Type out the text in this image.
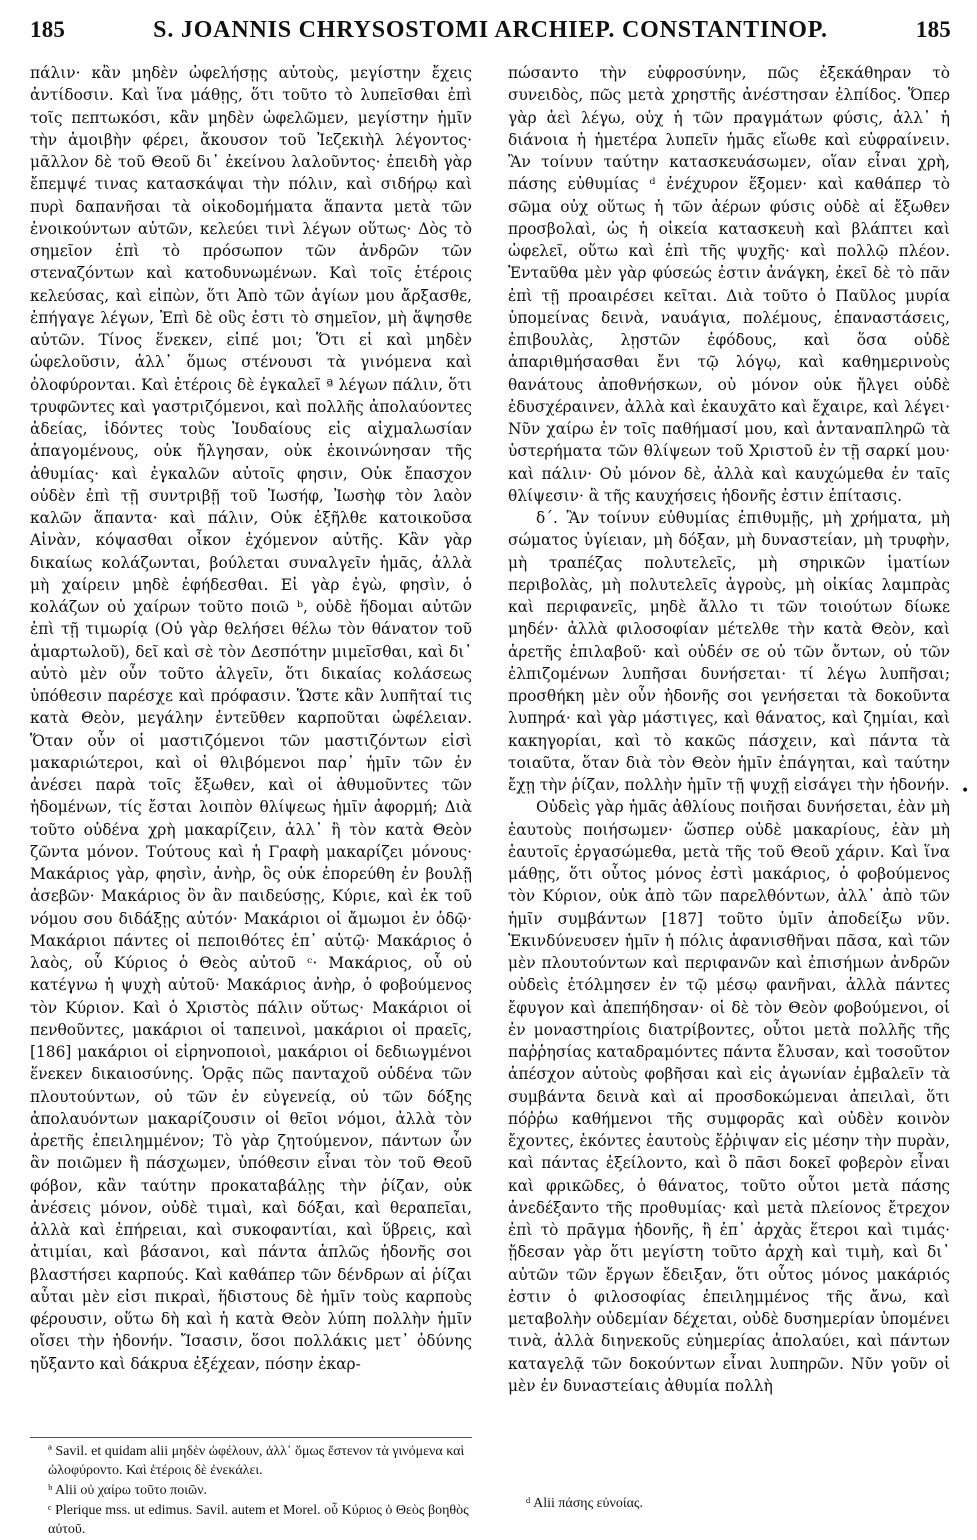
185	S. JOANNIS CHRYSOSTOMI ARCHIEP. CONSTANTINOP.	185

πάλιν· κἂν μηδὲν ὠφελήσῃς αὐτοὺς, μεγίστην ἔχεις ἀντίδοσιν. Καὶ ἵνα μάθῃς, ὅτι τοῦτο τὸ λυπεῖσθαι ἐπὶ τοῖς πεπτωκόσι, κἂν μηδὲν ὠφελῶμεν, μεγίστην ἡμῖν τὴν ἀμοιβὴν φέρει, ἄκουσον τοῦ Ἰεζεκιὴλ λέγοντος· μᾶλλον δὲ τοῦ Θεοῦ δι᾽ ἐκείνου λαλοῦντος· ἐπειδὴ γὰρ ἔπεμψέ τινας κατασκάψαι τὴν πόλιν, καὶ σιδήρῳ καὶ πυρὶ δαπανῆσαι τὰ οἰκοδομήματα ἅπαντα μετὰ τῶν ἐνοικούντων αὐτῶν, κελεύει τινὶ λέγων οὕτως· Δὸς τὸ σημεῖον ἐπὶ τὸ πρόσωπον τῶν ἀνδρῶν τῶν στεναζόντων καὶ κατοδυνωμένων. Καὶ τοῖς ἑτέροις κελεύσας, καὶ εἰπὼν, ὅτι Ἀπὸ τῶν ἁγίων μου ἄρξασθε, ἐπήγαγε λέγων, Ἐπὶ δὲ οὓς ἐστι τὸ σημεῖον, μὴ ἅψησθε αὐτῶν. Τίνος ἕνεκεν, εἰπέ μοι; Ὅτι εἰ καὶ μηδὲν ὠφελοῦσιν, ἀλλ᾽ ὅμως στένουσι τὰ γινόμενα καὶ ὀλοφύρονται. Καὶ ἑτέροις δὲ ἐγκαλεῖ ª λέγων πάλιν, ὅτι τρυφῶντες καὶ γαστριζόμενοι, καὶ πολλῆς ἀπολαύοντες ἀδείας, ἰδόντες τοὺς Ἰουδαίους εἰς αἰχμαλωσίαν ἀπαγομένους, οὐκ ἤλγησαν, οὐκ ἐκοινώνησαν τῆς ἀθυμίας· καὶ ἐγκαλῶν αὐτοῖς φησιν, Οὐκ ἔπασχον οὐδὲν ἐπὶ τῇ συντριβῇ τοῦ Ἰωσήφ, Ἰωσὴφ τὸν λαὸν καλῶν ἅπαντα· καὶ πάλιν, Οὐκ ἐξῆλθε κατοικοῦσα Αἰνὰν, κόψασθαι οἶκον ἐχόμενον αὐτῆς. Κἂν γὰρ δικαίως κολάζωνται, βούλεται συναλγεῖν ἡμᾶς, ἀλλὰ μὴ χαίρειν μηδὲ ἐφήδεσθαι. Εἰ γὰρ ἐγὼ, φησὶν, ὁ κολάζων οὐ χαίρων τοῦτο ποιῶ ᵇ, οὐδὲ ἥδομαι αὐτῶν ἐπὶ τῇ τιμωρίᾳ (Οὐ γὰρ θελήσει θέλω τὸν θάνατον τοῦ ἁμαρτωλοῦ), δεῖ καὶ σὲ τὸν Δεσπότην μιμεῖσθαι, καὶ δι᾽ αὐτὸ μὲν οὖν τοῦτο ἀλγεῖν, ὅτι δικαίας κολάσεως ὑπόθεσιν παρέσχε καὶ πρόφασιν. Ὥστε κἂν λυπῆταί τις κατὰ Θεὸν, μεγάλην ἐντεῦθεν καρποῦται ὠφέλειαν. Ὅταν οὖν οἱ μαστιζόμενοι τῶν μαστιζόντων εἰσὶ μακαριώτεροι, καὶ οἱ θλιβόμενοι παρ᾽ ἡμῖν τῶν ἐν ἀνέσει παρὰ τοῖς ἔξωθεν, καὶ οἱ ἀθυμοῦντες τῶν ἡδομένων, τίς ἔσται λοιπὸν θλίψεως ἡμῖν ἀφορμή; Διὰ τοῦτο οὐδένα χρὴ μακαρίζειν, ἀλλ᾽ ἢ τὸν κατὰ Θεὸν ζῶντα μόνον. Τούτους καὶ ἡ Γραφὴ μακαρίζει μόνους· Μακάριος γὰρ, φησὶν, ἀνὴρ, ὃς οὐκ ἐπορεύθη ἐν βουλῇ ἀσεβῶν· Μακάριος ὃν ἂν παιδεύσῃς, Κύριε, καὶ ἐκ τοῦ νόμου σου διδάξῃς αὐτόν· Μακάριοι οἱ ἄμωμοι ἐν ὁδῷ· Μακάριοι πάντες οἱ πεποιθότες ἐπ᾽ αὐτῷ· Μακάριος ὁ λαὸς, οὗ Κύριος ὁ Θεὸς αὐτοῦ ᶜ· Μακάριος, οὗ οὐ κατέγνω ἡ ψυχὴ αὐτοῦ· Μακάριος ἀνὴρ, ὁ φοβούμενος τὸν Κύριον. Καὶ ὁ Χριστὸς πάλιν οὕτως· Μακάριοι οἱ πενθοῦντες, μακάριοι οἱ ταπεινοὶ, μακάριοι οἱ πραεῖς, [186] μακάριοι οἱ εἰρηνοποιοὶ, μακάριοι οἱ δεδιωγμένοι ἕνεκεν δικαιοσύνης. Ὁρᾷς πῶς πανταχοῦ οὐδένα τῶν πλουτούντων, οὐ τῶν ἐν εὐγενείᾳ, οὐ τῶν δόξης ἀπολαυόντων μακαρίζουσιν οἱ θεῖοι νόμοι, ἀλλὰ τὸν ἀρετῆς ἐπειλημμένον; Τὸ γὰρ ζητούμενον, πάντων ὧν ἂν ποιῶμεν ἢ πάσχωμεν, ὑπόθεσιν εἶναι τὸν τοῦ Θεοῦ φόβον, κἂν ταύτην προκαταβάλῃς τὴν ῥίζαν, οὐκ ἀνέσεις μόνον, οὐδὲ τιμαὶ, καὶ δόξαι, καὶ θεραπεῖαι, ἀλλὰ καὶ ἐπήρειαι, καὶ συκοφαντίαι, καὶ ὕβρεις, καὶ ἀτιμίαι, καὶ βάσανοι, καὶ πάντα ἁπλῶς ἡδονῆς σοι βλαστήσει καρπούς. Καὶ καθάπερ τῶν δένδρων αἱ ῥίζαι αὗται μὲν εἰσι πικραὶ, ἥδιστους δὲ ἡμῖν τοὺς καρποὺς φέρουσιν, οὕτω δὴ καὶ ἡ κατὰ Θεὸν λύπη πολλὴν ἡμῖν οἴσει τὴν ἡδονήν. Ἴσασιν, ὅσοι πολλάκις μετ᾽ ὀδύνης ηὔξαντο καὶ δάκρυα ἐξέχεαν, πόσην ἐκαρ-

πώσαντο τὴν εὐφροσύνην, πῶς ἐξεκάθηραν τὸ συνειδὸς, πῶς μετὰ χρηστῆς ἀνέστησαν ἐλπίδος. Ὅπερ γὰρ ἀεὶ λέγω, οὐχ ἡ τῶν πραγμάτων φύσις, ἀλλ᾽ ἡ διάνοια ἡ ἡμετέρα λυπεῖν ἡμᾶς εἴωθε καὶ εὐφραίνειν. Ἂν τοίνυν ταύτην κατασκευάσωμεν, οἵαν εἶναι χρὴ, πάσης εὐθυμίας ᵈ ἐνέχυρον ἕξομεν· καὶ καθάπερ τὸ σῶμα οὐχ οὕτως ἡ τῶν ἀέρων φύσις οὐδὲ αἱ ἔξωθεν προσβολαὶ, ὡς ἡ οἰκεία κατασκευὴ καὶ βλάπτει καὶ ὠφελεῖ, οὕτω καὶ ἐπὶ τῆς ψυχῆς· καὶ πολλῷ πλέον. Ἐνταῦθα μὲν γὰρ φύσεώς ἐστιν ἀνάγκη, ἐκεῖ δὲ τὸ πᾶν ἐπὶ τῇ προαιρέσει κεῖται. Διὰ τοῦτο ὁ Παῦλος μυρία ὑπομείνας δεινὰ, ναυάγια, πολέμους, ἐπαναστάσεις, ἐπιβουλὰς, λῃστῶν ἐφόδους, καὶ ὅσα οὐδὲ ἀπαριθμήσασθαι ἔνι τῷ λόγῳ, καὶ καθημερινοὺς θανάτους ἀποθνήσκων, οὐ μόνον οὐκ ἤλγει οὐδὲ ἐδυσχέραινεν, ἀλλὰ καὶ ἐκαυχᾶτο καὶ ἔχαιρε, καὶ λέγει· Νῦν χαίρω ἐν τοῖς παθήμασί μου, καὶ ἀνταναπληρῶ τὰ ὑστερήματα τῶν θλίψεων τοῦ Χριστοῦ ἐν τῇ σαρκί μου· καὶ πάλιν· Οὐ μόνον δὲ, ἀλλὰ καὶ καυχώμεθα ἐν ταῖς θλίψεσιν· ἃ τῆς καυχήσεις ἡδονῆς ἐστιν ἐπίτασις.

δ΄. Ἂν τοίνυν εὐθυμίας ἐπιθυμῇς, μὴ χρήματα, μὴ σώματος ὑγίειαν, μὴ δόξαν, μὴ δυναστείαν, μὴ τρυφὴν, μὴ τραπέζας πολυτελεῖς, μὴ σηρικῶν ἱματίων περιβολὰς, μὴ πολυτελεῖς ἀγροὺς, μὴ οἰκίας λαμπρὰς καὶ περιφανεῖς, μηδὲ ἄλλο τι τῶν τοιούτων δίωκε μηδέν· ἀλλὰ φιλοσοφίαν μέτελθε τὴν κατὰ Θεὸν, καὶ ἀρετῆς ἐπιλαβοῦ· καὶ οὐδέν σε οὐ τῶν ὄντων, οὐ τῶν ἐλπιζομένων λυπῆσαι δυνήσεται· τί λέγω λυπῆσαι; προσθήκη μὲν οὖν ἡδονῆς σοι γενήσεται τὰ δοκοῦντα λυπηρά· καὶ γὰρ μάστιγες, καὶ θάνατος, καὶ ζημίαι, καὶ κακηγορίαι, καὶ τὸ κακῶς πάσχειν, καὶ πάντα τὰ τοιαῦτα, ὅταν διὰ τὸν Θεὸν ἡμῖν ἐπάγηται, καὶ ταύτην ἔχῃ τὴν ῥίζαν, πολλὴν ἡμῖν τῇ ψυχῇ εἰσάγει τὴν ἡδονήν.

Οὐδεὶς γὰρ ἡμᾶς ἀθλίους ποιῆσαι δυνήσεται, ἐὰν μὴ ἑαυτοὺς ποιήσωμεν· ὥσπερ οὐδὲ μακαρίους, ἐὰν μὴ ἑαυτοῖς ἐργασώμεθα, μετὰ τῆς τοῦ Θεοῦ χάριν. Καὶ ἵνα μάθῃς, ὅτι οὗτος μόνος ἐστὶ μακάριος, ὁ φοβούμενος τὸν Κύριον, οὐκ ἀπὸ τῶν παρελθόντων, ἀλλ᾽ ἀπὸ τῶν ἡμῖν συμβάντων [187] τοῦτο ὑμῖν ἀποδείξω νῦν. Ἐκινδύνευσεν ἡμῖν ἡ πόλις ἀφανισθῆναι πᾶσα, καὶ τῶν μὲν πλουτούντων καὶ περιφανῶν καὶ ἐπισήμων ἀνδρῶν οὐδεὶς ἐτόλμησεν ἐν τῷ μέσῳ φανῆναι, ἀλλὰ πάντες ἔφυγον καὶ ἀπεπήδησαν· οἱ δὲ τὸν Θεὸν φοβούμενοι, οἱ ἐν μοναστηρίοις διατρίβοντες, οὗτοι μετὰ πολλῆς τῆς παῤῥησίας καταδραμόντες πάντα ἔλυσαν, καὶ τοσοῦτον ἀπέσχον αὐτοὺς φοβῆσαι καὶ εἰς ἀγωνίαν ἐμβαλεῖν τὰ συμβάντα δεινὰ καὶ αἱ προσδοκώμεναι ἀπειλαὶ, ὅτι πόῤῥω καθήμενοι τῆς συμφορᾶς καὶ οὐδὲν κοινὸν ἔχοντες, ἑκόντες ἑαυτοὺς ἔῤῥιψαν εἰς μέσην τὴν πυρὰν, καὶ πάντας ἐξείλοντο, καὶ ὃ πᾶσι δοκεῖ φοβερὸν εἶναι καὶ φρικῶδες, ὁ θάνατος, τοῦτο οὗτοι μετὰ πάσης ἀνεδέξαντο τῆς προθυμίας· καὶ μετὰ πλείονος ἔτρεχον ἐπὶ τὸ πρᾶγμα ἡδονῆς, ἢ ἐπ᾽ ἀρχὰς ἕτεροι καὶ τιμάς· ᾔδεσαν γὰρ ὅτι μεγίστη τοῦτο ἀρχὴ καὶ τιμὴ, καὶ δι᾽ αὐτῶν τῶν ἔργων ἔδειξαν, ὅτι οὗτος μόνος μακάριός ἐστιν ὁ φιλοσοφίας ἐπειλημμένος τῆς ἄνω, καὶ μεταβολὴν οὐδεμίαν δέχεται, οὐδὲ δυσημερίαν ὑπομένει τινὰ, ἀλλὰ διηνεκοῦς εὐημερίας ἀπολαύει, καὶ πάντων καταγελᾷ τῶν δοκούντων εἶναι λυπηρῶν. Νῦν γοῦν οἱ μὲν ἐν δυναστείαις ἀθυμία πολλὴ

ª Savil. et quidam alii μηδὲν ὠφέλουν, ἀλλ᾽ ὅμως ἔστενον τὰ γινόμενα καὶ ὠλοφύροντο. Καὶ ἑτέροις δὲ ἐνεκάλει.

ᵇ Alii οὐ χαίρω τοῦτο ποιῶν.

ᶜ Plerique mss. ut edimus. Savil. autem et Morel. οὗ Κύριος ὁ Θεὸς βοηθὸς αὐτοῦ.

ᵈ Alii πάσης εὐνοίας.

•
